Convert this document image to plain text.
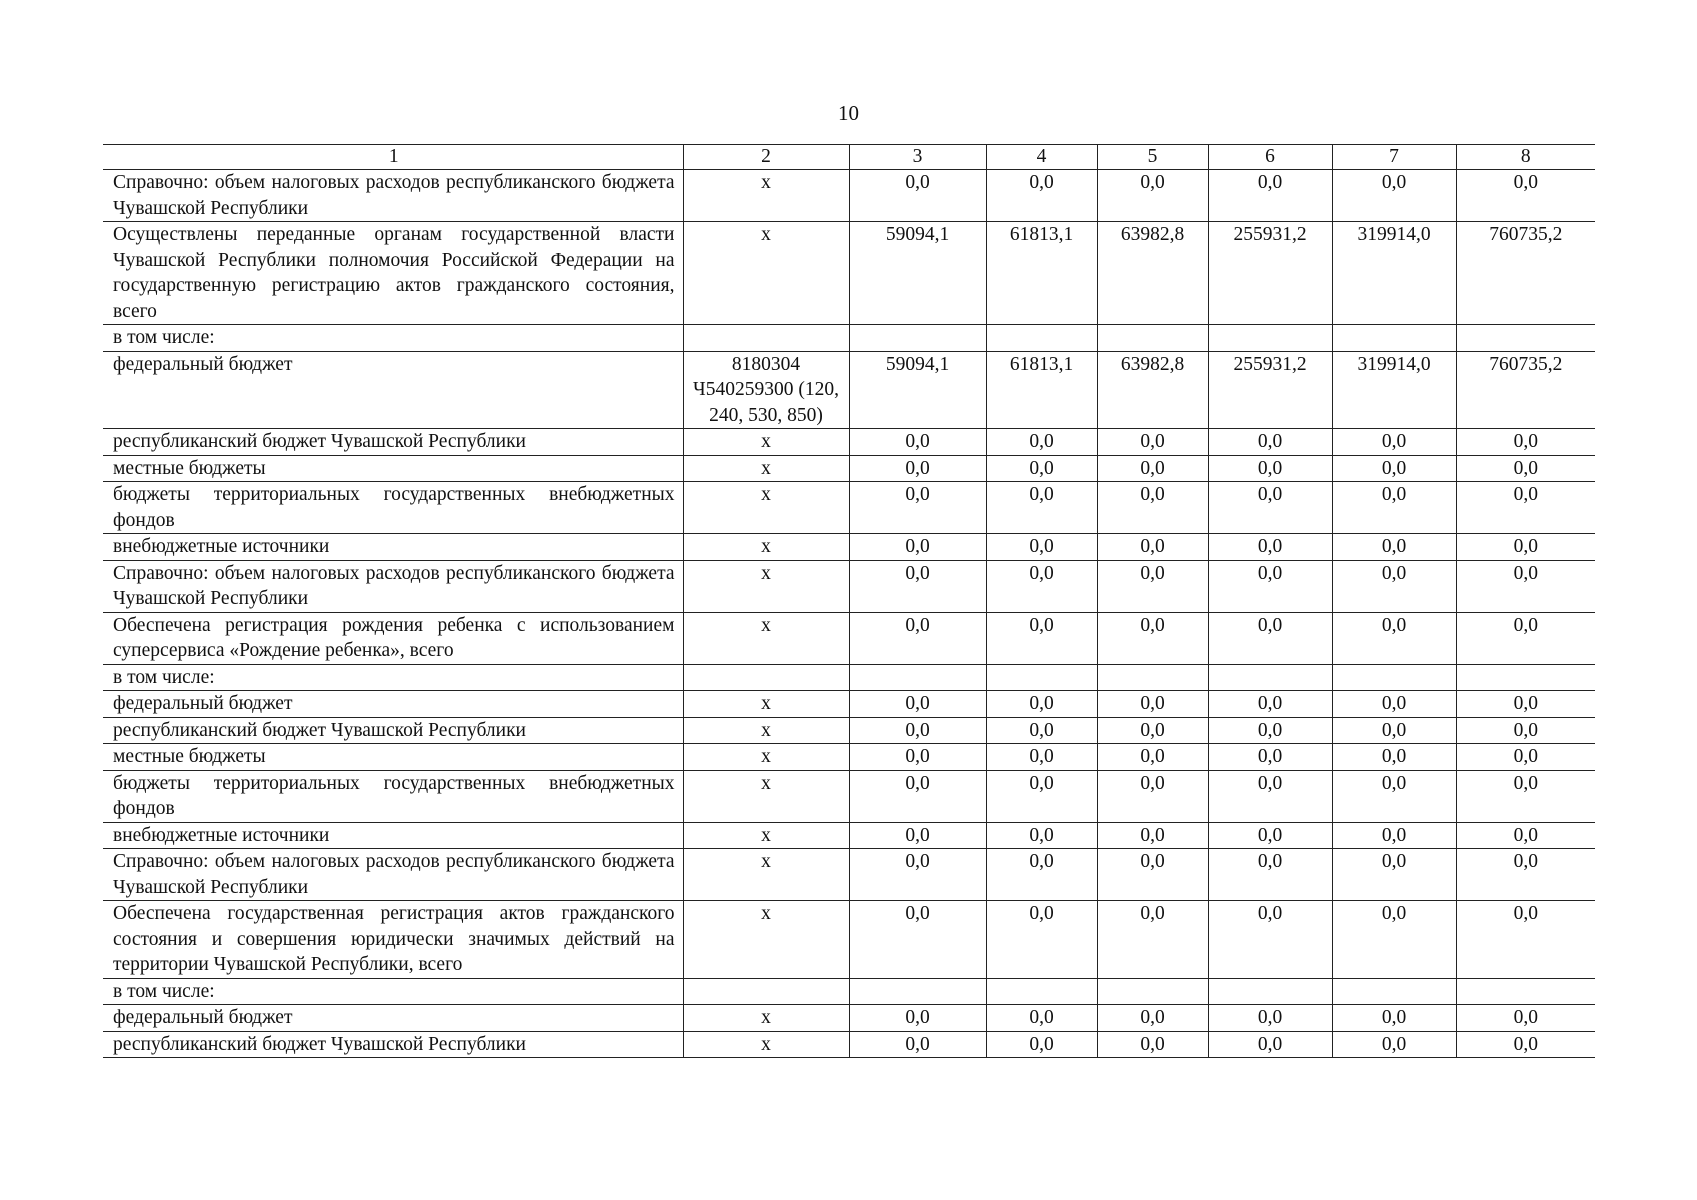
10
1	2	3	4	5	6	7	8
Справочно: объем налоговых расходов республиканского бюджета Чувашской Республики	x	0,0	0,0	0,0	0,0	0,0	0,0
Осуществлены переданные органам государственной власти Чувашской Республики полномочия Российской Федерации на государственную регистрацию актов гражданского состояния, всего	x	59094,1	61813,1	63982,8	255931,2	319914,0	760735,2
в том числе:							
федеральный бюджет	8180304 Ч540259300 (120, 240, 530, 850)	59094,1	61813,1	63982,8	255931,2	319914,0	760735,2
республиканский бюджет Чувашской Республики	x	0,0	0,0	0,0	0,0	0,0	0,0
местные бюджеты	x	0,0	0,0	0,0	0,0	0,0	0,0
бюджеты территориальных государственных внебюджетных фондов	x	0,0	0,0	0,0	0,0	0,0	0,0
внебюджетные источники	x	0,0	0,0	0,0	0,0	0,0	0,0
Справочно: объем налоговых расходов республиканского бюджета Чувашской Республики	x	0,0	0,0	0,0	0,0	0,0	0,0
Обеспечена регистрация рождения ребенка с использованием суперсервиса «Рождение ребенка», всего	x	0,0	0,0	0,0	0,0	0,0	0,0
в том числе:							
федеральный бюджет	x	0,0	0,0	0,0	0,0	0,0	0,0
республиканский бюджет Чувашской Республики	x	0,0	0,0	0,0	0,0	0,0	0,0
местные бюджеты	x	0,0	0,0	0,0	0,0	0,0	0,0
бюджеты территориальных государственных внебюджетных фондов	x	0,0	0,0	0,0	0,0	0,0	0,0
внебюджетные источники	x	0,0	0,0	0,0	0,0	0,0	0,0
Справочно: объем налоговых расходов республиканского бюджета Чувашской Республики	x	0,0	0,0	0,0	0,0	0,0	0,0
Обеспечена государственная регистрация актов гражданского состояния и совершения юридически значимых действий на территории Чувашской Республики, всего	x	0,0	0,0	0,0	0,0	0,0	0,0
в том числе:							
федеральный бюджет	x	0,0	0,0	0,0	0,0	0,0	0,0
республиканский бюджет Чувашской Республики	x	0,0	0,0	0,0	0,0	0,0	0,0
